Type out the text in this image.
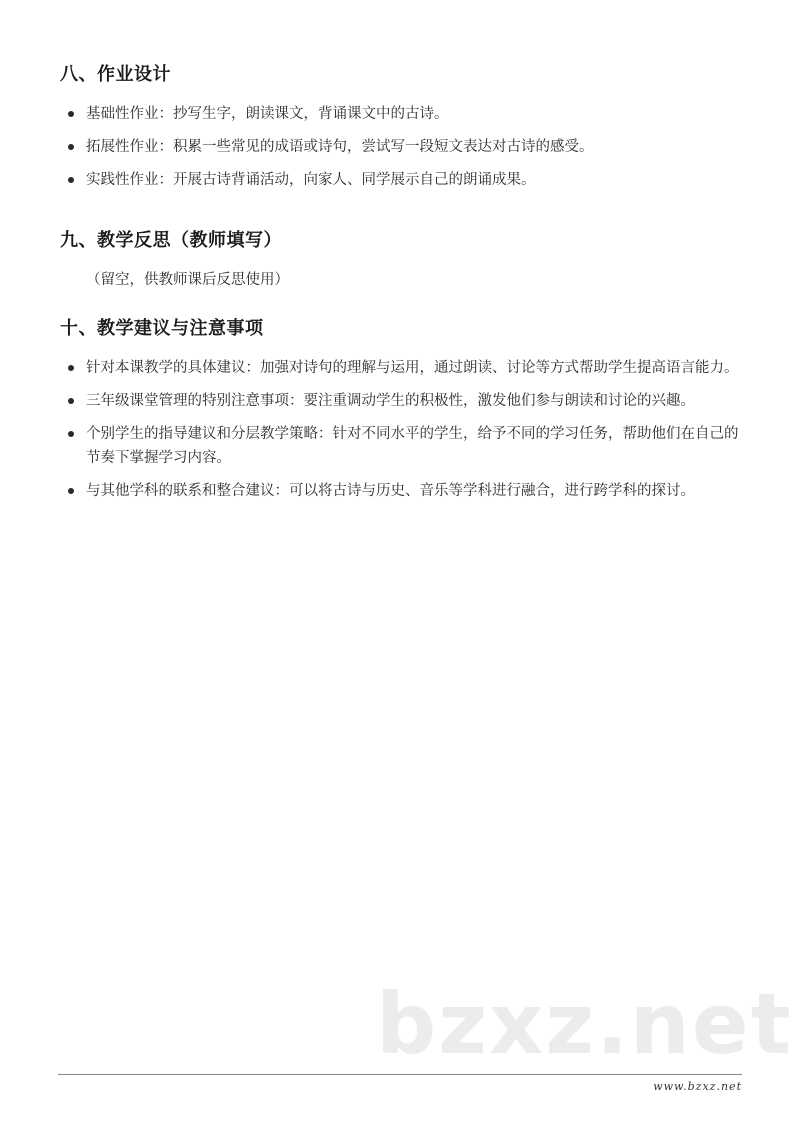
八、作业设计
基础性作业：抄写生字，朗读课文，背诵课文中的古诗。
拓展性作业：积累一些常见的成语或诗句，尝试写一段短文表达对古诗的感受。
实践性作业：开展古诗背诵活动，向家人、同学展示自己的朗诵成果。
九、教学反思（教师填写）
（留空，供教师课后反思使用）
十、教学建议与注意事项
针对本课教学的具体建议：加强对诗句的理解与运用，通过朗读、讨论等方式帮助学生提高语言能力。
三年级课堂管理的特别注意事项：要注重调动学生的积极性，激发他们参与朗读和讨论的兴趣。
个别学生的指导建议和分层教学策略：针对不同水平的学生，给予不同的学习任务，帮助他们在自己的节奏下掌握学习内容。
与其他学科的联系和整合建议：可以将古诗与历史、音乐等学科进行融合，进行跨学科的探讨。
bzxz.net
www.bzxz.net
